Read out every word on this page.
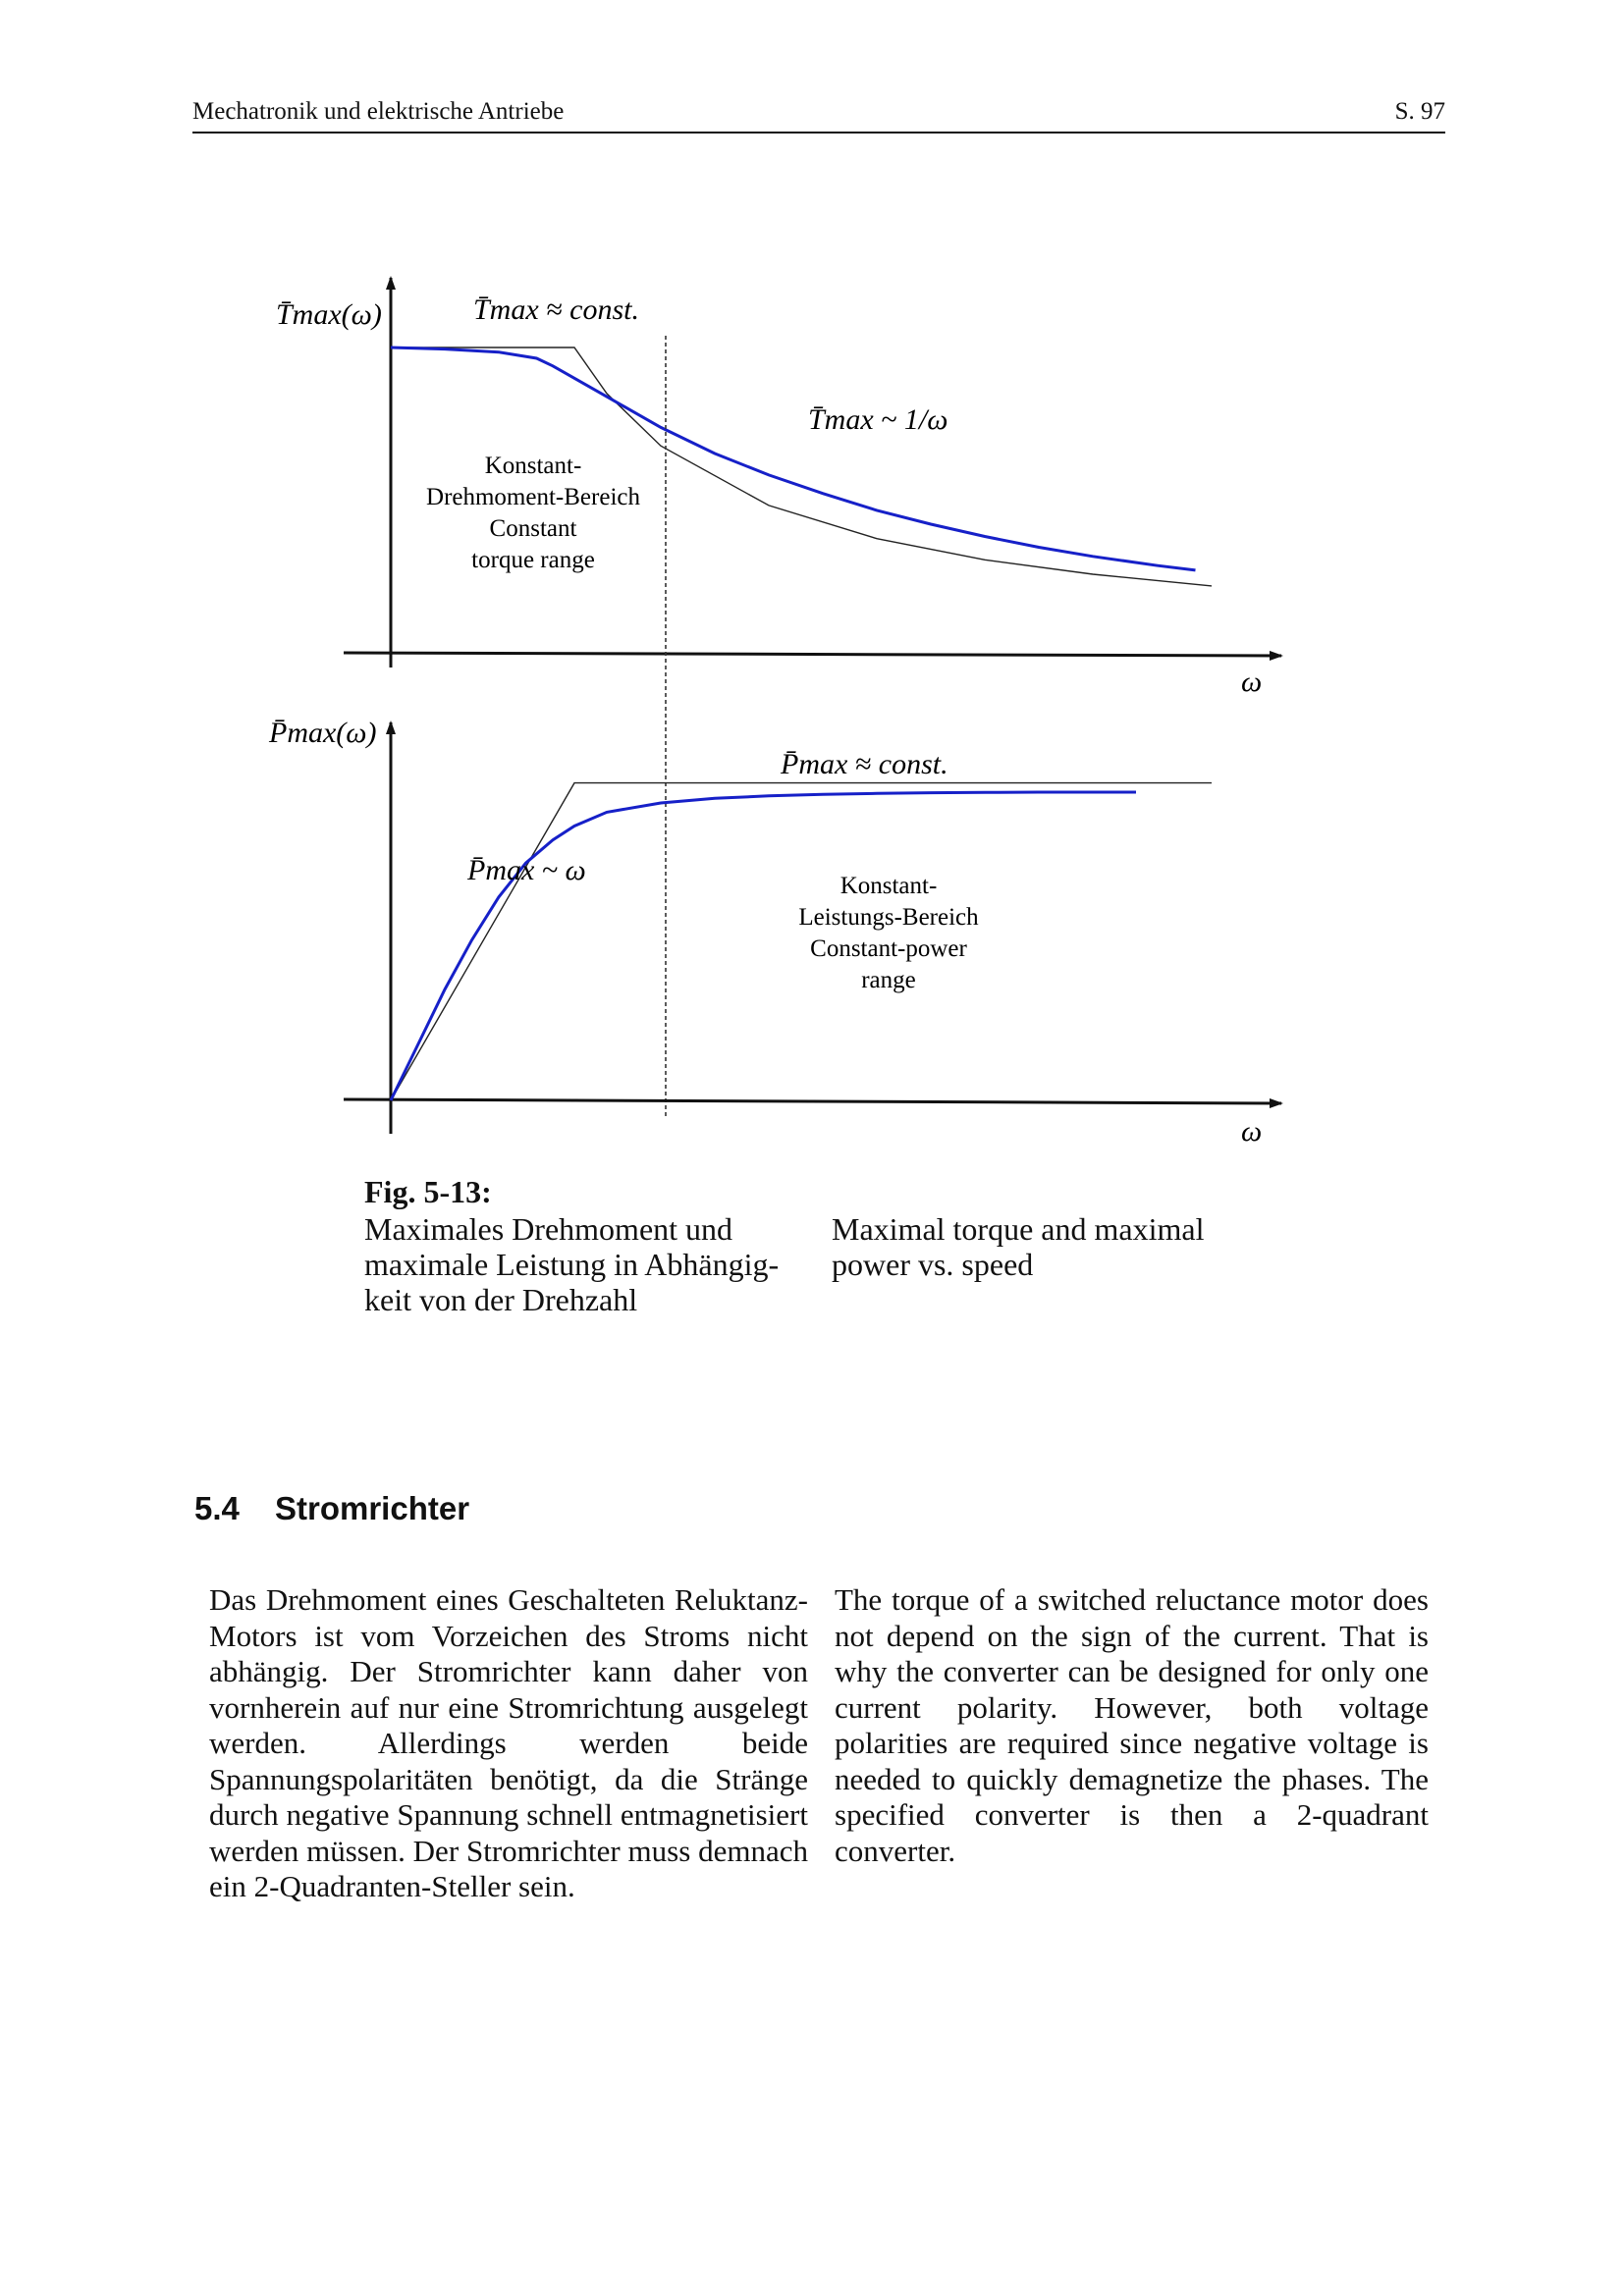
Mechatronik und elektrische Antriebe	S. 97
T̄max(ω)	T̄max ≈ const.
T̄max ~ 1/ω
ω
Konstant-
Drehmoment-Bereich
Constant
torque range
P̄max(ω)
P̄max ≈ const.
P̄max ~ ω
ω
Konstant-
Leistungs-Bereich
Constant-power
range
Fig. 5-13:
Maximales Drehmoment und maximale Leistung in Abhängig-keit von der Drehzahl
Maximal torque and maximal power vs. speed
5.4 Stromrichter
Das Drehmoment eines Geschalteten Reluktanz-Motors ist vom Vorzeichen des Stroms nicht abhängig. Der Stromrichter kann daher von vornherein auf nur eine Stromrichtung ausgelegt werden. Allerdings werden beide Spannungspolaritäten benötigt, da die Stränge durch negative Spannung schnell entmagnetisiert werden müssen. Der Stromrichter muss demnach ein 2-Quadranten-Steller sein.
The torque of a switched reluctance motor does not depend on the sign of the current. That is why the converter can be designed for only one current polarity. However, both voltage polarities are required since negative voltage is needed to quickly demagnetize the phases. The specified converter is then a 2-quadrant converter.
